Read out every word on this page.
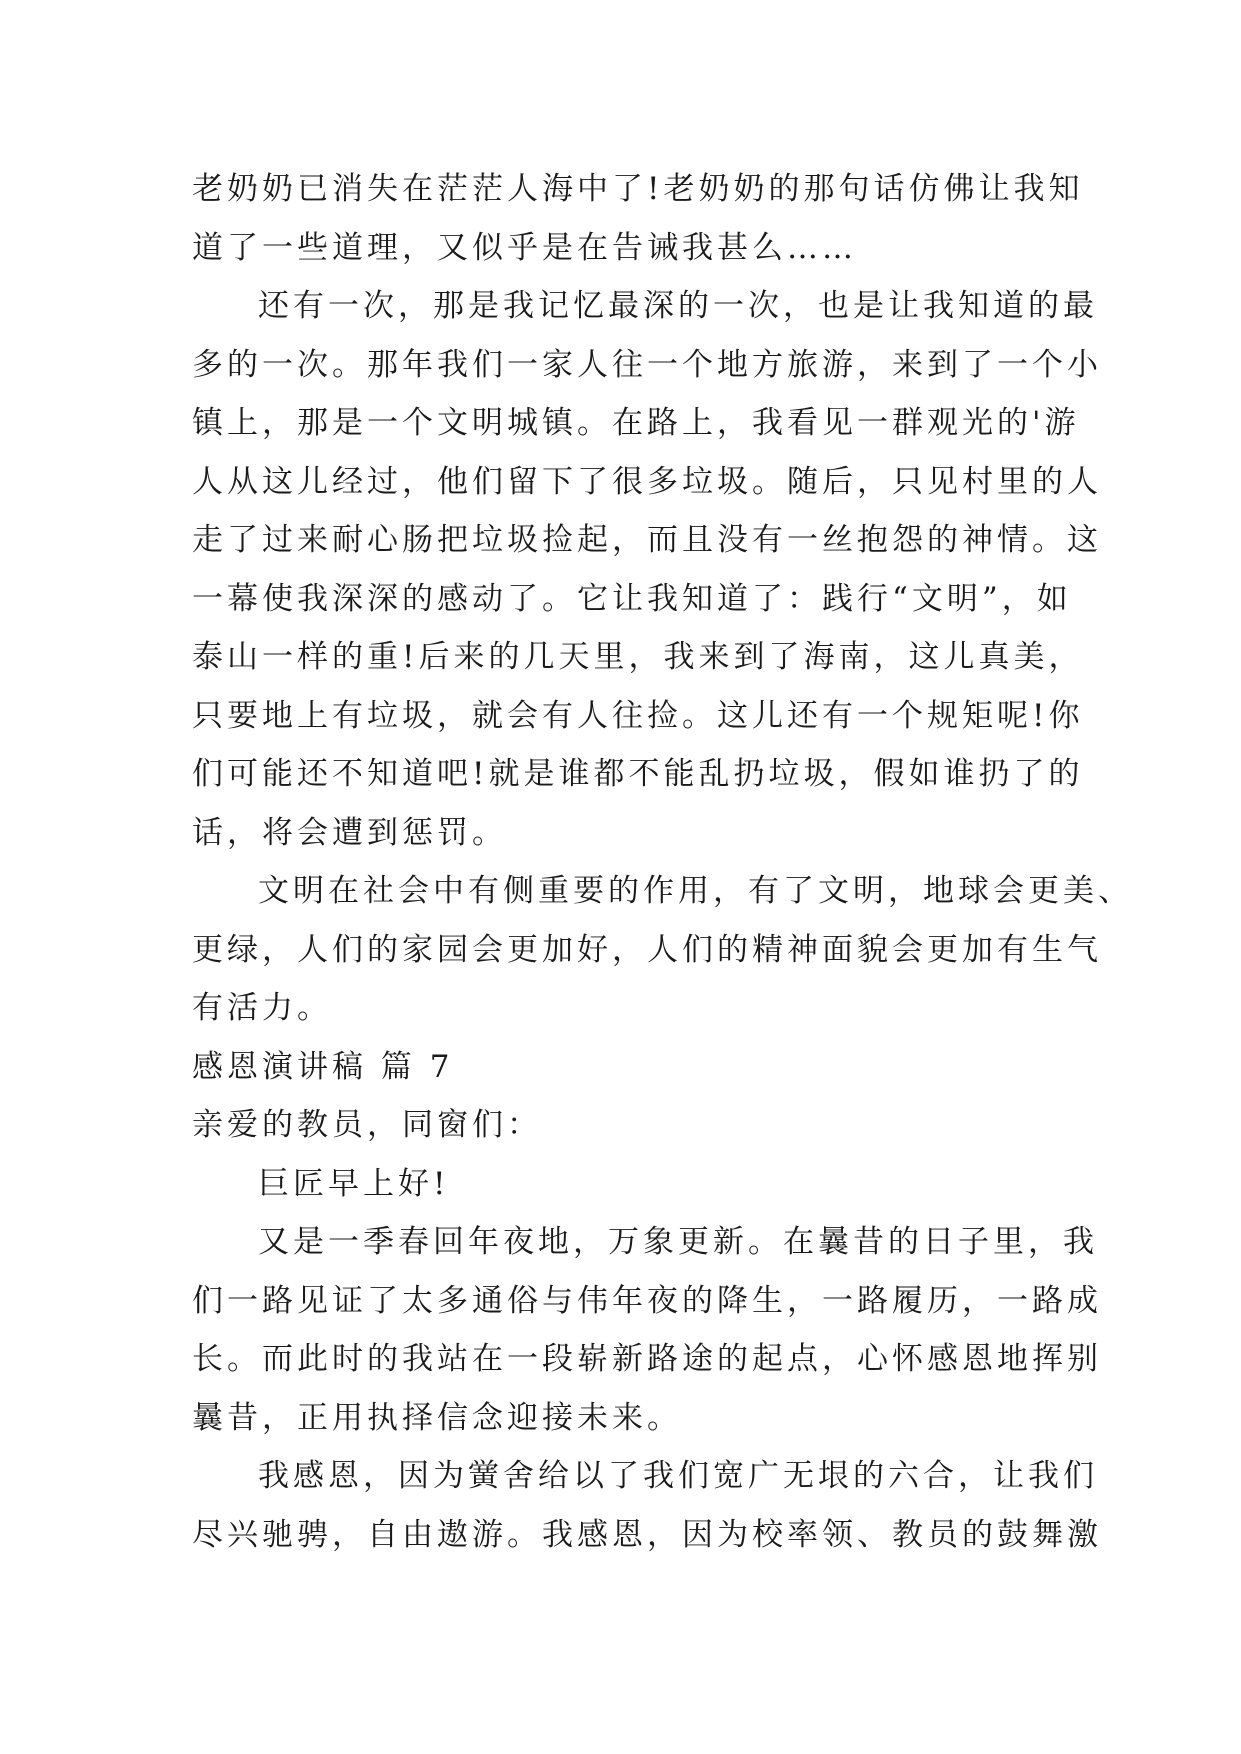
老奶奶已消失在茫茫人海中了!老奶奶的那句话仿佛让我知
道了一些道理，又似乎是在告诫我甚么……
还有一次，那是我记忆最深的一次，也是让我知道的最
多的一次。那年我们一家人往一个地方旅游，来到了一个小
镇上，那是一个文明城镇。在路上，我看见一群观光的'游
人从这儿经过，他们留下了很多垃圾。随后，只见村里的人
走了过来耐心肠把垃圾捡起，而且没有一丝抱怨的神情。这
一幕使我深深的感动了。它让我知道了：践行“文明”，如
泰山一样的重!后来的几天里，我来到了海南，这儿真美，
只要地上有垃圾，就会有人往捡。这儿还有一个规矩呢!你
们可能还不知道吧!就是谁都不能乱扔垃圾，假如谁扔了的
话，将会遭到惩罚。
文明在社会中有侧重要的作用，有了文明，地球会更美、
更绿，人们的家园会更加好，人们的精神面貌会更加有生气
有活力。
感恩演讲稿 篇 7
亲爱的教员，同窗们：
巨匠早上好!
又是一季春回年夜地，万象更新。在曩昔的日子里，我
们一路见证了太多通俗与伟年夜的降生，一路履历，一路成
长。而此时的我站在一段崭新路途的起点，心怀感恩地挥别
曩昔，正用执择信念迎接未来。
我感恩，因为黉舍给以了我们宽广无垠的六合，让我们
尽兴驰骋，自由遨游。我感恩，因为校率领、教员的鼓舞激
